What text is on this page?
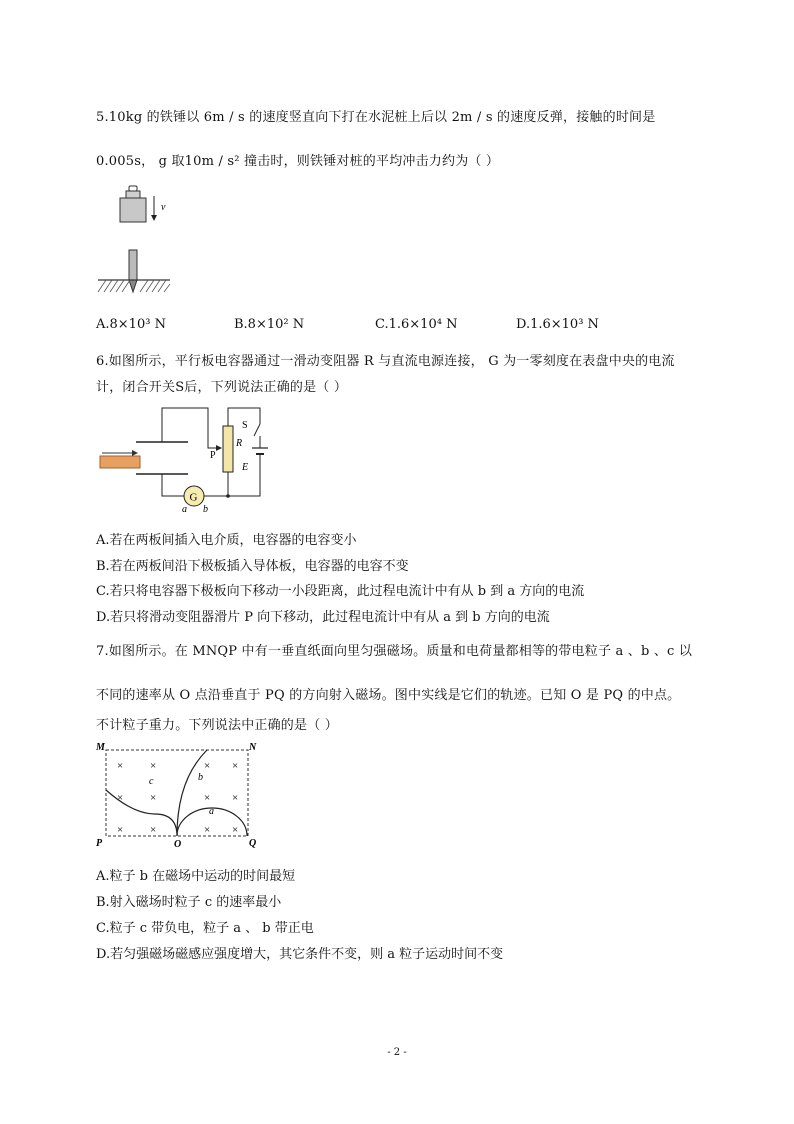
5.10kg 的铁锤以 6m / s 的速度竖直向下打在水泥桩上后以 2m / s 的速度反弹，接触的时间是
0.005s， g 取10m / s² 撞击时，则铁锤对桩的平均冲击力约为（ ）
v
A.8×10³ N	B.8×10² N	C.1.6×10⁴ N	D.1.6×10³ N
6.如图所示，平行板电容器通过一滑动变阻器 R 与直流电源连接， G 为一零刻度在表盘中央的电流
计，闭合开关S后，下列说法正确的是（ ）
G
a b
P
R
S
E
A.若在两板间插入电介质，电容器的电容变小
B.若在两板间沿下极板插入导体板，电容器的电容不变
C.若只将电容器下极板向下移动一小段距离，此过程电流计中有从 b 到 a 方向的电流
D.若只将滑动变阻器滑片 P 向下移动，此过程电流计中有从 a 到 b 方向的电流
7.如图所示。在 MNQP 中有一垂直纸面向里匀强磁场。质量和电荷量都相等的带电粒子 a 、b 、c 以
不同的速率从 O 点沿垂直于 PQ 的方向射入磁场。图中实线是它们的轨迹。已知 O 是 PQ 的中点。
不计粒子重力。下列说法中正确的是（ ）
× ×	× ×
× ×	× ×
× ×	× ×
M	N
P	Q
O
c	b
a
A.粒子 b 在磁场中运动的时间最短
B.射入磁场时粒子 c 的速率最小
C.粒子 c 带负电，粒子 a 、 b 带正电
D.若匀强磁场磁感应强度增大，其它条件不变，则 a 粒子运动时间不变
- 2 -
